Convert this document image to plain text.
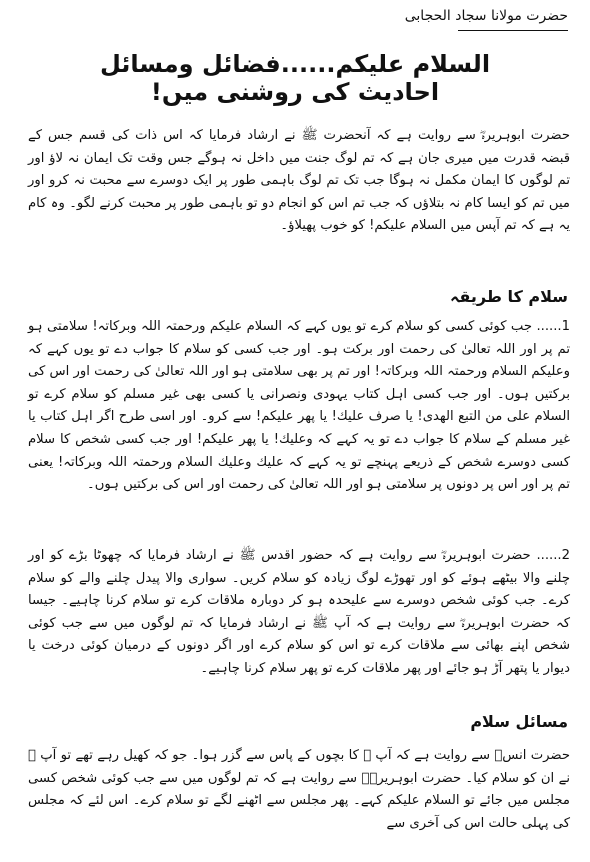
حضرت مولانا سجاد الحجابی
السلام علیکم......فضائل ومسائل احادیث کی روشنی میں!
حضرت ابوہریرہؓ سے روایت ہے کہ آنحضرت ﷺ نے ارشاد فرمایا کہ اس ذات کی قسم جس کے قبضہ قدرت میں میری جان ہے کہ تم لوگ جنت میں داخل نہ ہوگے جس وقت تک ایمان نہ لاؤ اور تم لوگوں کا ایمان مکمل نہ ہوگا جب تک تم لوگ باہمی طور پر ایک دوسرے سے محبت نہ کرو اور میں تم کو ایسا کام نہ بتلاؤں کہ جب تم اس کو انجام دو تو باہمی طور پر محبت کرنے لگو۔ وہ کام یہ ہے کہ تم آپس میں السلام علیکم! کو خوب پھیلاؤ۔
سلام کا طریقہ
1...... جب کوئی کسی کو سلام کرے تو یوں کہے کہ السلام علیکم ورحمتہ اللہ وبرکاتہ! سلامتی ہو تم پر اور اللہ تعالیٰ کی رحمت اور برکت ہو۔ اور جب کسی کو سلام کا جواب دے تو یوں کہے کہ وعلیکم السلام ورحمتہ اللہ وبرکاتہ! اور تم پر بھی سلامتی ہو اور اللہ تعالیٰ کی رحمت اور اس کی برکتیں ہوں۔ اور جب کسی اہل کتاب یہودی ونصرانی یا کسی بھی غیر مسلم کو سلام کرے تو السلام علی من التبع الهدی! یا صرف علیك! یا پھر علیکم! سے کرو۔ اور اسی طرح اگر اہل کتاب یا غیر مسلم کے سلام کا جواب دے تو یہ کہے کہ وعلیك! یا پھر علیکم! اور جب کسی شخص کا سلام کسی دوسرے شخص کے ذریعے پہنچے تو یہ کہے کہ علیك وعلیك السلام ورحمتہ اللہ وبرکاتہ! یعنی تم پر اور اس پر دونوں پر سلامتی ہو اور اللہ تعالیٰ کی رحمت اور اس کی برکتیں ہوں۔
2...... حضرت ابوہریرہؓ سے روایت ہے کہ حضور اقدس ﷺ نے ارشاد فرمایا کہ چھوٹا بڑے کو اور چلنے والا بیٹھے ہوئے کو اور تھوڑے لوگ زیادہ کو سلام کریں۔ سواری والا پیدل چلنے والے کو سلام کرے۔ جب کوئی شخص دوسرے سے علیحدہ ہو کر دوبارہ ملاقات کرے تو سلام کرنا چاہیے۔ جیسا کہ حضرت ابوہریرہؓ سے روایت ہے کہ آپ ﷺ نے ارشاد فرمایا کہ تم لوگوں میں سے جب کوئی شخص اپنے بھائی سے ملاقات کرے تو اس کو سلام کرے اور اگر دونوں کے درمیان کوئی درخت یا دیوار یا پتھر آڑ ہو جائے اور پھر ملاقات کرے تو پھر سلام کرنا چاہیے۔
مسائل سلام
حضرت انسؓ سے روایت ہے کہ آپ ﷺ کا بچوں کے پاس سے گزر ہوا۔ جو کہ کھیل رہے تھے تو آپ ﷺ نے ان کو سلام کیا۔ حضرت ابوہریرہؓ سے روایت ہے کہ تم لوگوں میں سے جب کوئی شخص کسی مجلس میں جائے تو السلام علیکم کہے۔ پھر مجلس سے اٹھنے لگے تو سلام کرے۔ اس لئے کہ مجلس کی پہلی حالت اس کی آخری سے
